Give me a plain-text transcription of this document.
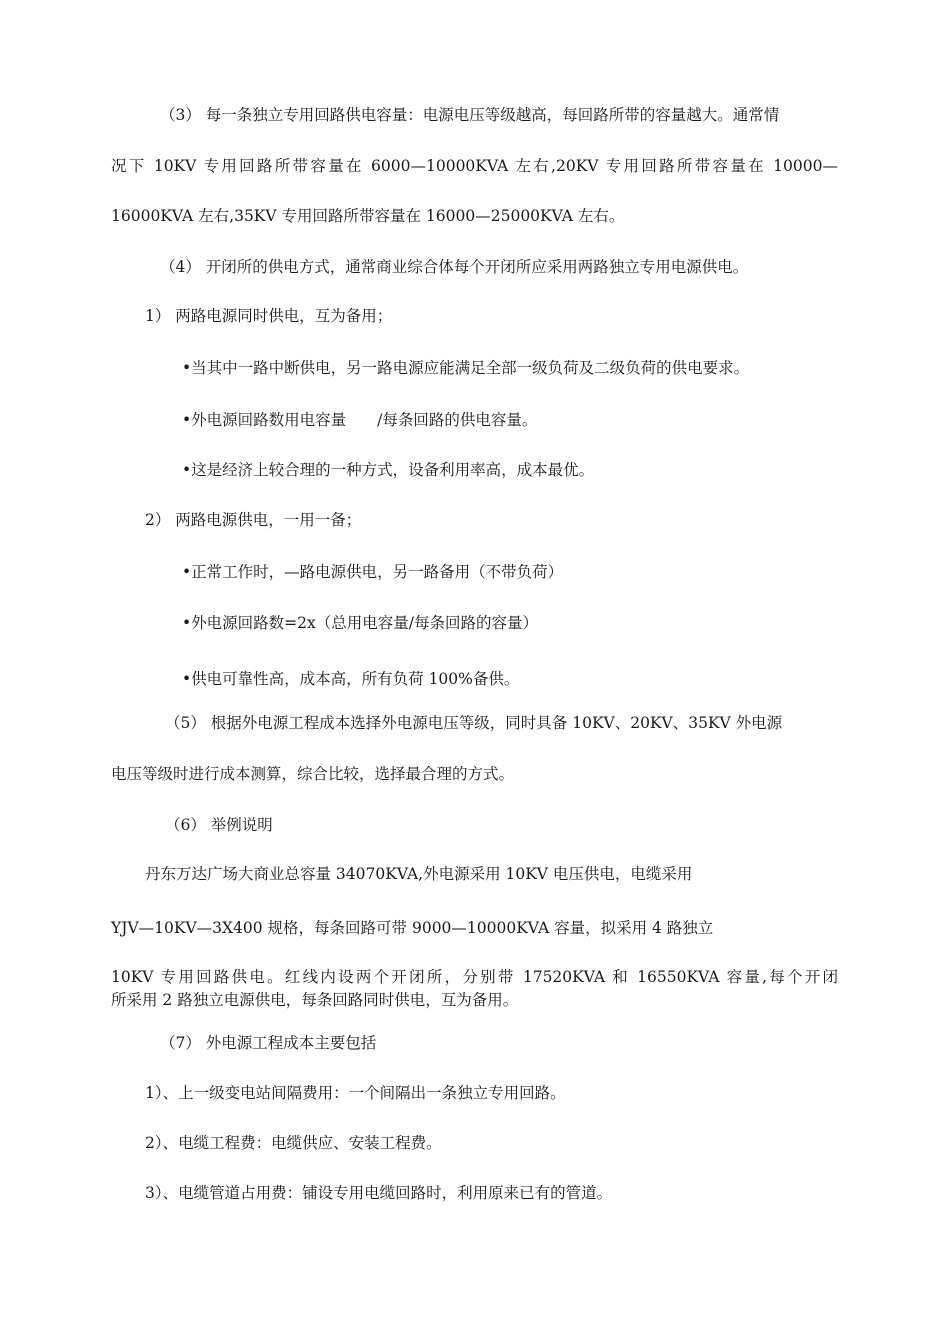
（3） 每一条独立专用回路供电容量：电源电压等级越高，每回路所带的容量越大。通常情
况下 10KV 专用回路所带容量在 6000—10000KVA 左右,20KV 专用回路所带容量在 10000—
16000KVA 左右,35KV 专用回路所带容量在 16000—25000KVA 左右。
（4） 开闭所的供电方式，通常商业综合体每个开闭所应采用两路独立专用电源供电。
1） 两路电源同时供电，互为备用；
•当其中一路中断供电，另一路电源应能满足全部一级负荷及二级负荷的供电要求。
•外电源回路数用电容量　　/每条回路的供电容量。
•这是经济上较合理的一种方式，设备利用率高，成本最优。
2） 两路电源供电，一用一备；
•正常工作时，—路电源供电，另一路备用（不带负荷）
•外电源回路数=2x（总用电容量/每条回路的容量）
•供电可靠性高，成本高，所有负荷 100%备供。
（5） 根据外电源工程成本选择外电源电压等级，同时具备 10KV、20KV、35KV 外电源
电压等级时进行成本测算，综合比较，选择最合理的方式。
（6） 举例说明
丹东万达广场大商业总容量 34070KVA,外电源采用 10KV 电压供电，电缆采用
YJV—10KV—3X400 规格，每条回路可带 9000—10000KVA 容量，拟采用 4 路独立
10KV 专用回路供电。红线内设两个开闭所，分别带 17520KVA 和 16550KVA 容量,每个开闭
所采用 2 路独立电源供电，每条回路同时供电，互为备用。
（7） 外电源工程成本主要包括
1）、上一级变电站间隔费用：一个间隔出一条独立专用回路。
2）、电缆工程费：电缆供应、安装工程费。
3）、电缆管道占用费：铺设专用电缆回路时，利用原来已有的管道。
